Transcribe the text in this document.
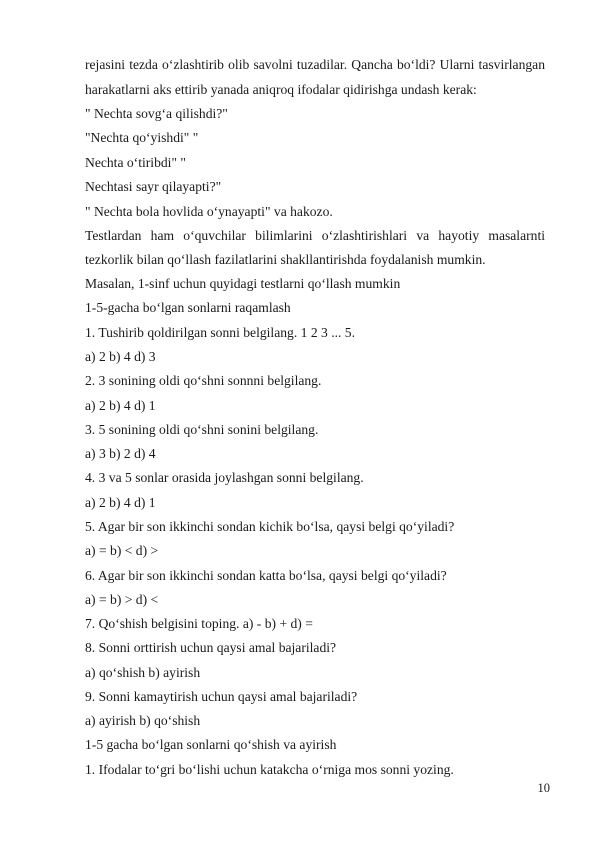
rejasini tezda o‘zlashtirib olib savolni tuzadilar. Qancha bo‘ldi? Ularni tasvirlangan
harakatlarni aks ettirib yanada aniqroq ifodalar qidirishga undash kerak:
" Nechta sovg‘a qilishdi?"
"Nechta qo‘yishdi" "
Nechta o‘tiribdi" "
Nechtasi sayr qilayapti?"
" Nechta bola hovlida o‘ynayapti" va hakozo.
Testlardan ham o‘quvchilar bilimlarini o‘zlashtirishlari va hayotiy masalarnti
tezkorlik bilan qo‘llash fazilatlarini shakllantirishda foydalanish mumkin.
Masalan, 1-sinf uchun quyidagi testlarni qo‘llash mumkin
1-5-gacha bo‘lgan sonlarni raqamlash
1. Tushirib qoldirilgan sonni belgilang. 1 2 3 ... 5.
a) 2 b) 4 d) 3
2. 3 sonining oldi qo‘shni sonnni belgilang.
a) 2 b) 4 d) 1
3. 5 sonining oldi qo‘shni sonini belgilang.
a) 3 b) 2 d) 4
4. 3 va 5 sonlar orasida joylashgan sonni belgilang.
a) 2 b) 4 d) 1
5. Agar bir son ikkinchi sondan kichik bo‘lsa, qaysi belgi qo‘yiladi?
a) = b) < d) >
6. Agar bir son ikkinchi sondan katta bo‘lsa, qaysi belgi qo‘yiladi?
a) = b) > d) <
7. Qo‘shish belgisini toping. a) - b) + d) =
8. Sonni orttirish uchun qaysi amal bajariladi?
a) qo‘shish b) ayirish
9. Sonni kamaytirish uchun qaysi amal bajariladi?
a) ayirish b) qo‘shish
1-5 gacha bo‘lgan sonlarni qo‘shish va ayirish
1. Ifodalar to‘gri bo‘lishi uchun katakcha o‘rniga mos sonni yozing.
10
